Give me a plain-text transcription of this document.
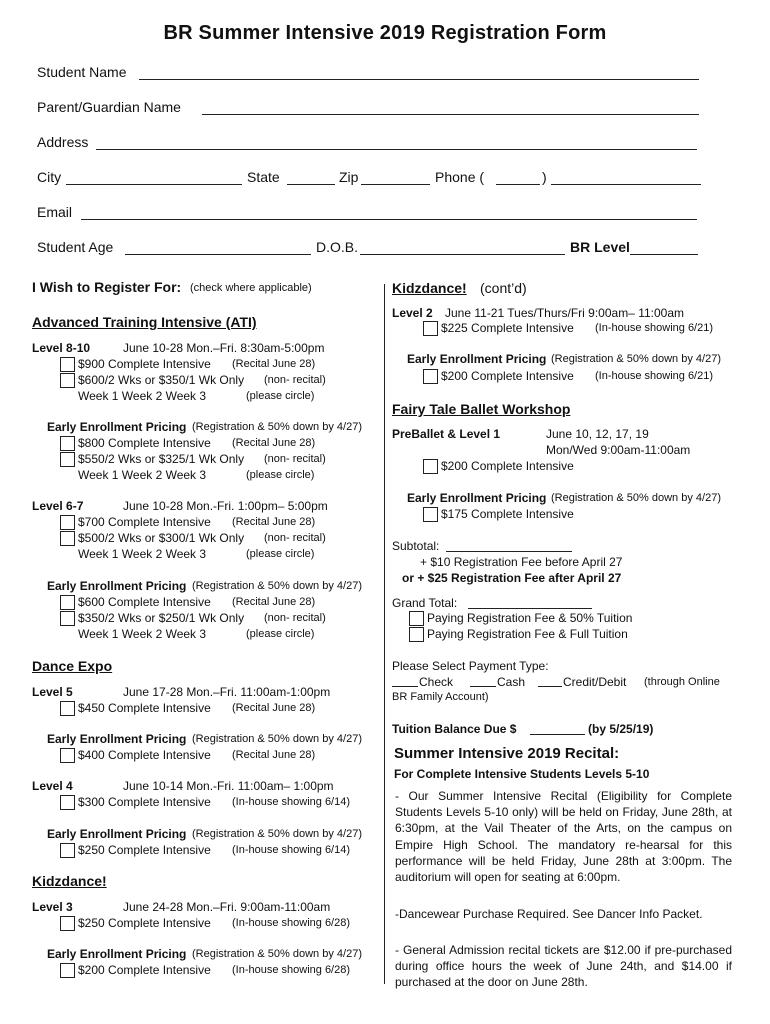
BR Summer Intensive 2019 Registration Form
Student Name
Parent/Guardian Name
Address
City	State	Zip	Phone (	)
Email
Student Age	D.O.B.	BR Level
I Wish to Register For: (check where applicable)
Advanced Training Intensive (ATI)
Level 8-10	June 10-28 Mon.–Fri. 8:30am-5:00pm
$900 Complete Intensive (Recital June 28)
$600/2 Wks or $350/1 Wk Only (non- recital)
Week 1 Week 2 Week 3	(please circle)
Early Enrollment Pricing (Registration & 50% down by 4/27)
$800 Complete Intensive (Recital June 28)
$550/2 Wks or $325/1 Wk Only (non- recital)
Week 1 Week 2 Week 3	(please circle)
Level 6-7	June 10-28 Mon.-Fri. 1:00pm– 5:00pm
$700 Complete Intensive (Recital June 28)
$500/2 Wks or $300/1 Wk Only (non- recital)
Week 1 Week 2 Week 3	(please circle)
Early Enrollment Pricing (Registration & 50% down by 4/27)
$600 Complete Intensive (Recital June 28)
$350/2 Wks or $250/1 Wk Only (non- recital)
Week 1 Week 2 Week 3	(please circle)
Dance Expo
Level 5	June 17-28 Mon.–Fri. 11:00am-1:00pm
$450 Complete Intensive (Recital June 28)
Early Enrollment Pricing (Registration & 50% down by 4/27)
$400 Complete Intensive (Recital June 28)
Level 4	June 10-14 Mon.-Fri. 11:00am– 1:00pm
$300 Complete Intensive (In-house showing 6/14)
Early Enrollment Pricing (Registration & 50% down by 4/27)
$250 Complete Intensive (In-house showing 6/14)
Kidzdance!
Level 3	June 24-28 Mon.–Fri. 9:00am-11:00am
$250 Complete Intensive (In-house showing 6/28)
Early Enrollment Pricing (Registration & 50% down by 4/27)
$200 Complete Intensive (In-house showing 6/28)
Kidzdance! (cont’d)
Level 2 June 11-21 Tues/Thurs/Fri 9:00am– 11:00am
$225 Complete Intensive (In-house showing 6/21)
Early Enrollment Pricing (Registration & 50% down by 4/27)
$200 Complete Intensive (In-house showing 6/21)
Fairy Tale Ballet Workshop
PreBallet & Level 1	June 10, 12, 17, 19
Mon/Wed 9:00am-11:00am
$200 Complete Intensive
Early Enrollment Pricing (Registration & 50% down by 4/27)
$175 Complete Intensive
Subtotal:
+ $10 Registration Fee before April 27
or + $25 Registration Fee after April 27
Grand Total:
Paying Registration Fee & 50% Tuition
Paying Registration Fee & Full Tuition
Please Select Payment Type:
Check	Cash	Credit/Debit (through Online
BR Family Account)
Tuition Balance Due $	(by 5/25/19)
Summer Intensive 2019 Recital:
For Complete Intensive Students Levels 5-10
- Our Summer Intensive Recital (Eligibility for Complete Students Levels 5-10 only) will be held on Friday, June 28th, at 6:30pm, at the Vail Theater of the Arts, on the campus on Empire High School. The mandatory re-hearsal for this performance will be held Friday, June 28th at 3:00pm. The auditorium will open for seating at 6:00pm.
-Dancewear Purchase Required. See Dancer Info Packet.
- General Admission recital tickets are $12.00 if pre-purchased during office hours the week of June 24th, and $14.00 if purchased at the door on June 28th.
